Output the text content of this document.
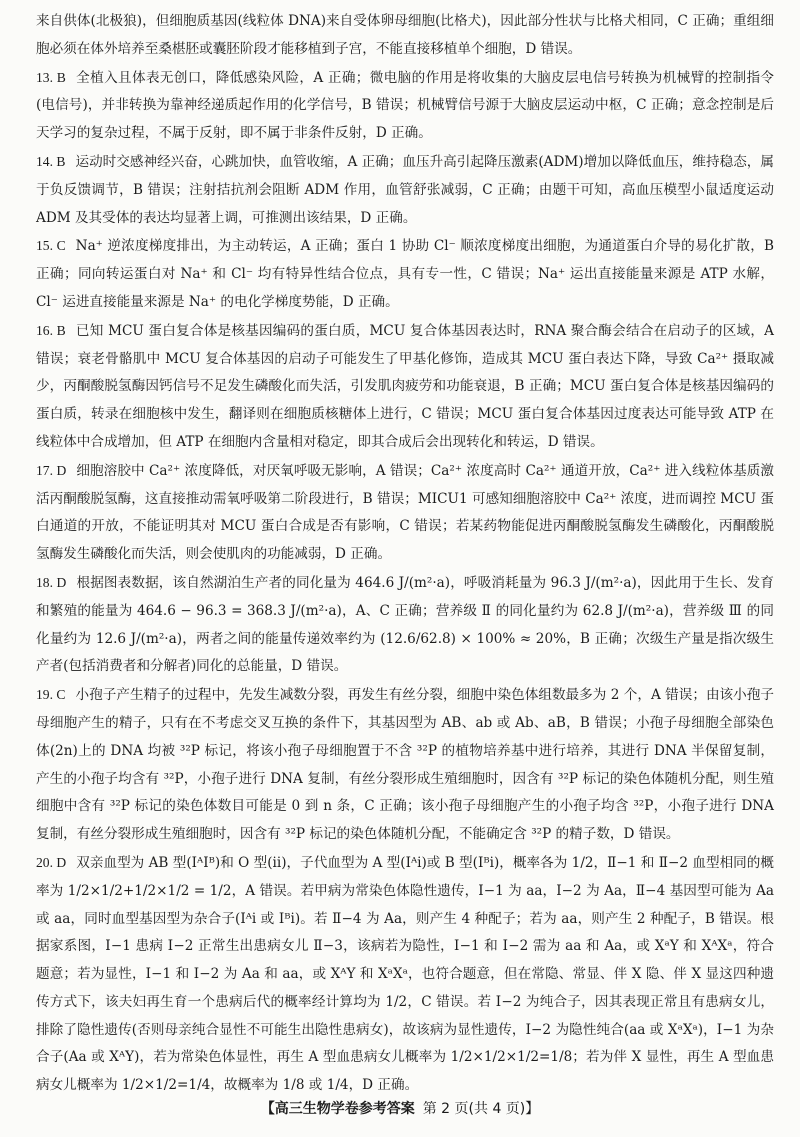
来自供体(北极狼)，但细胞质基因(线粒体 DNA)来自受体卵母细胞(比格犬)，因此部分性状与比格犬相同，C 正确；重组细胞必须在体外培养至桑椹胚或囊胚阶段才能移植到子宫，不能直接移植单个细胞，D 错误。

13. B 全植入且体表无创口，降低感染风险，A 正确；微电脑的作用是将收集的大脑皮层电信号转换为机械臂的控制指令(电信号)，并非转换为靠神经递质起作用的化学信号，B 错误；机械臂信号源于大脑皮层运动中枢，C 正确；意念控制是后天学习的复杂过程，不属于反射，即不属于非条件反射，D 正确。
14. B 运动时交感神经兴奋，心跳加快，血管收缩，A 正确；血压升高引起降压激素(ADM)增加以降低血压，维持稳态，属于负反馈调节，B 错误；注射拮抗剂会阻断 ADM 作用，血管舒张减弱，C 正确；由题干可知，高血压模型小鼠适度运动 ADM 及其受体的表达均显著上调，可推测出该结果，D 正确。
15. C Na⁺ 逆浓度梯度排出，为主动转运，A 正确；蛋白 1 协助 Cl⁻ 顺浓度梯度出细胞，为通道蛋白介导的易化扩散，B 正确；同向转运蛋白对 Na⁺ 和 Cl⁻ 均有特异性结合位点，具有专一性，C 错误；Na⁺ 运出直接能量来源是 ATP 水解，Cl⁻ 运进直接能量来源是 Na⁺ 的电化学梯度势能，D 正确。
16. B 已知 MCU 蛋白复合体是核基因编码的蛋白质，MCU 复合体基因表达时，RNA 聚合酶会结合在启动子的区域，A 错误；衰老骨骼肌中 MCU 复合体基因的启动子可能发生了甲基化修饰，造成其 MCU 蛋白表达下降，导致 Ca²⁺ 摄取减少，丙酮酸脱氢酶因钙信号不足发生磷酸化而失活，引发肌肉疲劳和功能衰退，B 正确；MCU 蛋白复合体是核基因编码的蛋白质，转录在细胞核中发生，翻译则在细胞质核糖体上进行，C 错误；MCU 蛋白复合体基因过度表达可能导致 ATP 在线粒体中合成增加，但 ATP 在细胞内含量相对稳定，即其合成后会出现转化和转运，D 错误。
17. D 细胞溶胶中 Ca²⁺ 浓度降低，对厌氧呼吸无影响，A 错误；Ca²⁺ 浓度高时 Ca²⁺ 通道开放，Ca²⁺ 进入线粒体基质激活丙酮酸脱氢酶，这直接推动需氧呼吸第二阶段进行，B 错误；MICU1 可感知细胞溶胶中 Ca²⁺ 浓度，进而调控 MCU 蛋白通道的开放，不能证明其对 MCU 蛋白合成是否有影响，C 错误；若某药物能促进丙酮酸脱氢酶发生磷酸化，丙酮酸脱氢酶发生磷酸化而失活，则会使肌肉的功能减弱，D 正确。
18. D 根据图表数据，该自然湖泊生产者的同化量为 464.6 J/(m²·a)，呼吸消耗量为 96.3 J/(m²·a)，因此用于生长、发育和繁殖的能量为 464.6 − 96.3 = 368.3 J/(m²·a)，A、C 正确；营养级 Ⅱ 的同化量约为 62.8 J/(m²·a)，营养级 Ⅲ 的同化量约为 12.6 J/(m²·a)，两者之间的能量传递效率约为 (12.6/62.8) × 100% ≈ 20%，B 正确；次级生产量是指次级生产者(包括消费者和分解者)同化的总能量，D 错误。
19. C 小孢子产生精子的过程中，先发生减数分裂，再发生有丝分裂，细胞中染色体组数最多为 2 个，A 错误；由该小孢子母细胞产生的精子，只有在不考虑交叉互换的条件下，其基因型为 AB、ab 或 Ab、aB，B 错误；小孢子母细胞全部染色体(2n)上的 DNA 均被 ³²P 标记，将该小孢子母细胞置于不含 ³²P 的植物培养基中进行培养，其进行 DNA 半保留复制，产生的小孢子均含有 ³²P，小孢子进行 DNA 复制，有丝分裂形成生殖细胞时，因含有 ³²P 标记的染色体随机分配，则生殖细胞中含有 ³²P 标记的染色体数目可能是 0 到 n 条，C 正确；该小孢子母细胞产生的小孢子均含 ³²P，小孢子进行 DNA 复制，有丝分裂形成生殖细胞时，因含有 ³²P 标记的染色体随机分配，不能确定含 ³²P 的精子数，D 错误。
20. D 双亲血型为 AB 型(IᴬIᴮ)和 O 型(ii)，子代血型为 A 型(Iᴬi)或 B 型(Iᴮi)，概率各为 1/2，Ⅱ−1 和 Ⅱ−2 血型相同的概率为 1/2×1/2+1/2×1/2 = 1/2，A 错误。若甲病为常染色体隐性遗传，Ⅰ−1 为 aa，Ⅰ−2 为 Aa，Ⅱ−4 基因型可能为 Aa 或 aa，同时血型基因型为杂合子(Iᴬi 或 Iᴮi)。若 Ⅱ−4 为 Aa，则产生 4 种配子；若为 aa，则产生 2 种配子，B 错误。根据家系图，Ⅰ−1 患病 Ⅰ−2 正常生出患病女儿 Ⅱ−3，该病若为隐性，Ⅰ−1 和 Ⅰ−2 需为 aa 和 Aa，或 XᵃY 和 XᴬXᵃ，符合题意；若为显性，Ⅰ−1 和 Ⅰ−2 为 Aa 和 aa，或 XᴬY 和 XᵃXᵃ，也符合题意，但在常隐、常显、伴 X 隐、伴 X 显这四种遗传方式下，该夫妇再生育一个患病后代的概率经计算均为 1/2，C 错误。若 Ⅰ−2 为纯合子，因其表现正常且有患病女儿，排除了隐性遗传(否则母亲纯合显性不可能生出隐性患病女)，故该病为显性遗传，Ⅰ−2 为隐性纯合(aa 或 XᵃXᵃ)，Ⅰ−1 为杂合子(Aa 或 XᴬY)，若为常染色体显性，再生 A 型血患病女儿概率为 1/2×1/2×1/2=1/8；若为伴 X 显性，再生 A 型血患病女儿概率为 1/2×1/2=1/4，故概率为 1/8 或 1/4，D 正确。
【高三生物学卷参考答案 第 2 页(共 4 页)】
